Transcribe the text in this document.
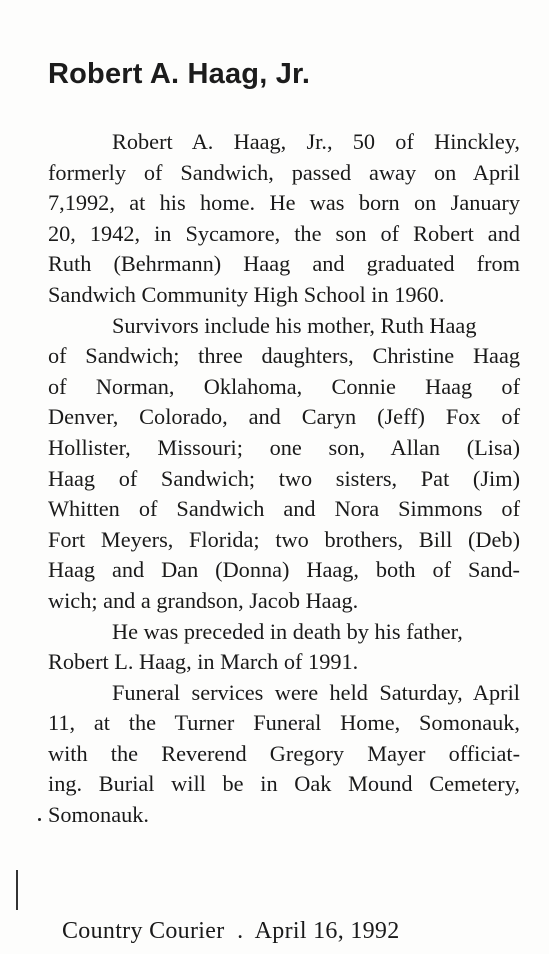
Robert A. Haag, Jr.

Robert A. Haag, Jr., 50 of Hinckley,
formerly of Sandwich, passed away on April
7,1992, at his home. He was born on January
20, 1942, in Sycamore, the son of Robert and
Ruth (Behrmann) Haag and graduated from
Sandwich Community High School in 1960.

Survivors include his mother, Ruth Haag
of Sandwich; three daughters, Christine Haag
of Norman, Oklahoma, Connie Haag of
Denver, Colorado, and Caryn (Jeff) Fox of
Hollister, Missouri; one son, Allan (Lisa)
Haag of Sandwich; two sisters, Pat (Jim)
Whitten of Sandwich and Nora Simmons of
Fort Meyers, Florida; two brothers, Bill (Deb)
Haag and Dan (Donna) Haag, both of Sand-
wich; and a grandson, Jacob Haag.

He was preceded in death by his father,
Robert L. Haag, in March of 1991.

Funeral services were held Saturday, April
11, at the Turner Funeral Home, Somonauk,
with the Reverend Gregory Mayer officiat-
ing. Burial will be in Oak Mound Cemetery,
Somonauk.

Country Courier  .  April 16, 1992
